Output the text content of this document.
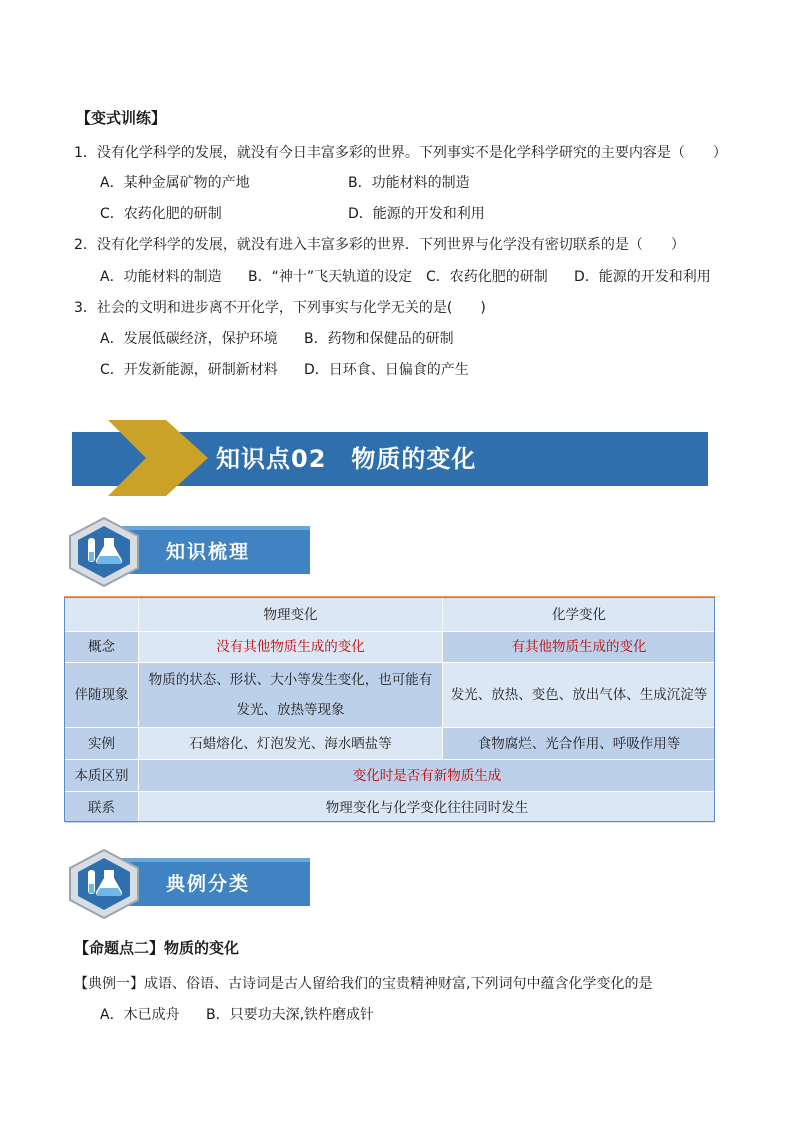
【变式训练】
1．没有化学科学的发展，就没有今日丰富多彩的世界。下列事实不是化学科学研究的主要内容是（　　）
A．某种金属矿物的产地	B．功能材料的制造
C．农药化肥的研制	D．能源的开发和利用
2．没有化学科学的发展，就没有进入丰富多彩的世界．下列世界与化学没有密切联系的是（　　）
A．功能材料的制造 B．“神十”飞天轨道的设定 C．农药化肥的研制 D．能源的开发和利用
3．社会的文明和进步离不开化学，下列事实与化学无关的是(　　)
A．发展低碳经济，保护环境 B．药物和保健品的研制
C．开发新能源，研制新材料 D．日环食、日偏食的产生
知识点02　物质的变化
知识梳理
	物理变化	化学变化
概念	没有其他物质生成的变化	有其他物质生成的变化
伴随现象	物质的状态、形状、大小等发生变化，也可能有发光、放热等现象	发光、放热、变色、放出气体、生成沉淀等
实例	石蜡熔化、灯泡发光、海水晒盐等	食物腐烂、光合作用、呼吸作用等
本质区别	变化时是否有新物质生成	
联系	物理变化与化学变化往往同时发生	
典例分类
【命题点二】物质的变化
【典例一】成语、俗语、古诗词是古人留给我们的宝贵精神财富,下列词句中蕴含化学变化的是
A．木已成舟 B．只要功夫深,铁杵磨成针
